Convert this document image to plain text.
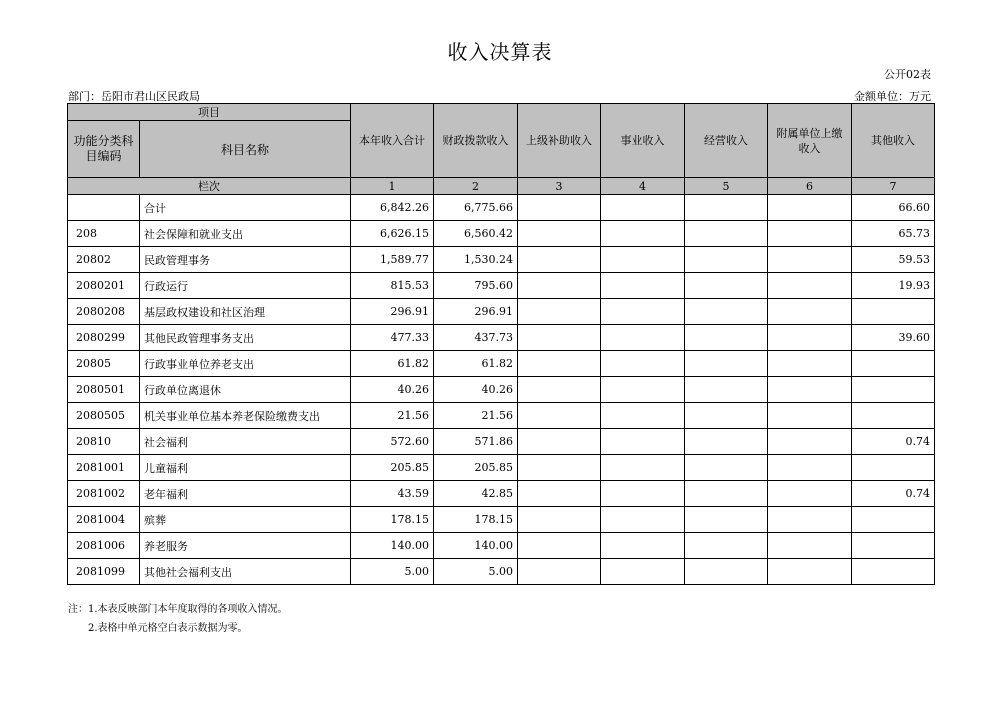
收入决算表
公开02表
部门：岳阳市君山区民政局	金额单位：万元
项目		本年收入合计	财政拨款收入	上级补助收入	事业收入	经营收入	附属单位上缴收入	其他收入
功能分类科目编码	科目名称							
栏次		1	2	3	4	5	6	7
	合计	6,842.26	6,775.66					66.60
208	社会保障和就业支出	6,626.15	6,560.42					65.73
20802	民政管理事务	1,589.77	1,530.24					59.53
2080201	行政运行	815.53	795.60					19.93
2080208	基层政权建设和社区治理	296.91	296.91					
2080299	其他民政管理事务支出	477.33	437.73					39.60
20805	行政事业单位养老支出	61.82	61.82					
2080501	行政单位离退休	40.26	40.26					
2080505	机关事业单位基本养老保险缴费支出	21.56	21.56					
20810	社会福利	572.60	571.86					0.74
2081001	儿童福利	205.85	205.85					
2081002	老年福利	43.59	42.85					0.74
2081004	殡葬	178.15	178.15					
2081006	养老服务	140.00	140.00					
2081099	其他社会福利支出	5.00	5.00					
注：1.本表反映部门本年度取得的各项收入情况。
2.表格中单元格空白表示数据为零。
